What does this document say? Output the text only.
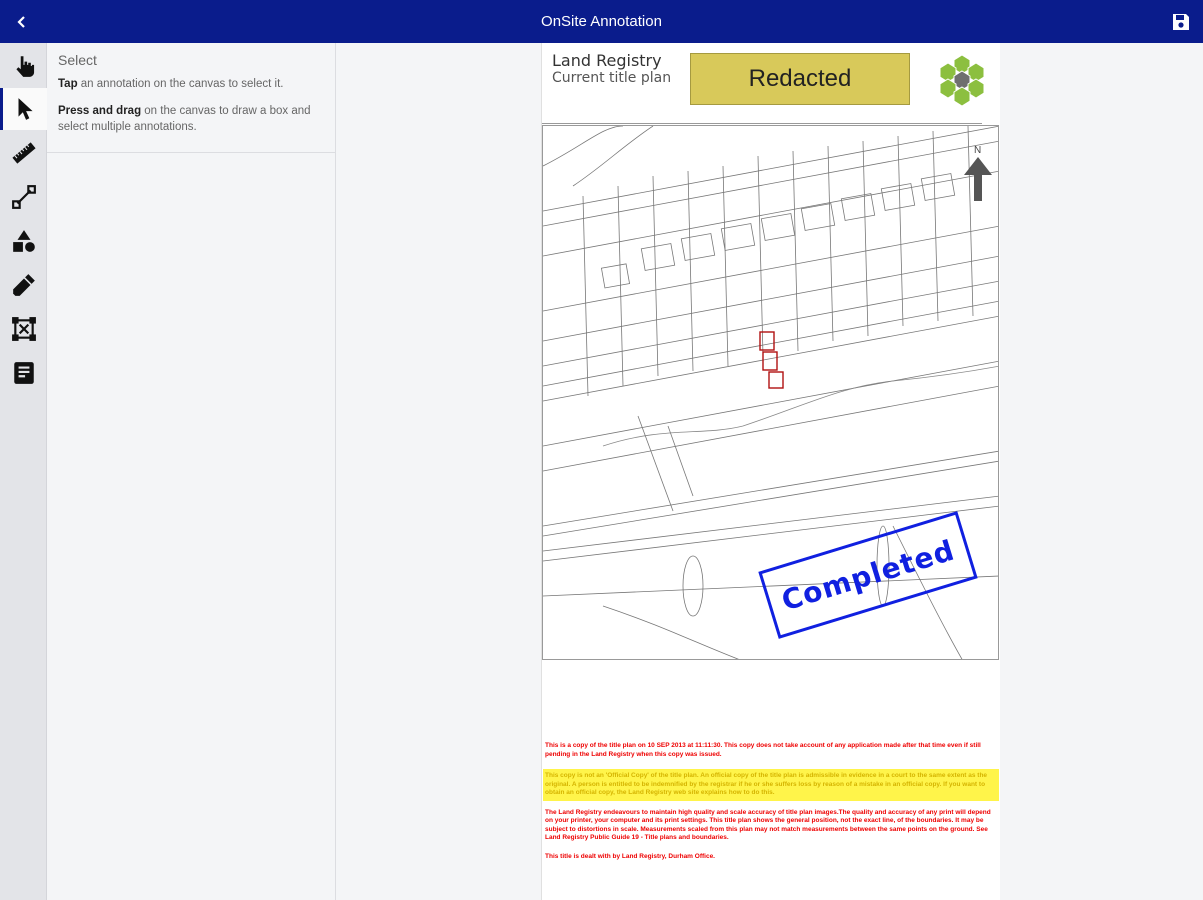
OnSite Annotation
Select

Tap an annotation on the canvas to select it.

Press and drag on the canvas to draw a box and select multiple annotations.

Land Registry
Current title plan	Redacted
N
This is a copy of the title plan on 10 SEP 2013 at 11:11:30. This copy does not take account of any application made after that time even if still pending in the Land Registry when this copy was issued.
This copy is not an 'Official Copy' of the title plan. An official copy of the title plan is admissible in evidence in a court to the same extent as the original. A person is entitled to be indemnified by the registrar if he or she suffers loss by reason of a mistake in an official copy. If you want to obtain an official copy, the Land Registry web site explains how to do this.
The Land Registry endeavours to maintain high quality and scale accuracy of title plan images.The quality and accuracy of any print will depend on your printer, your computer and its print settings. This title plan shows the general position, not the exact line, of the boundaries. It may be subject to distortions in scale. Measurements scaled from this plan may not match measurements between the same points on the ground. See Land Registry Public Guide 19 - Title plans and boundaries.
This title is dealt with by Land Registry, Durham Office.
Completed
